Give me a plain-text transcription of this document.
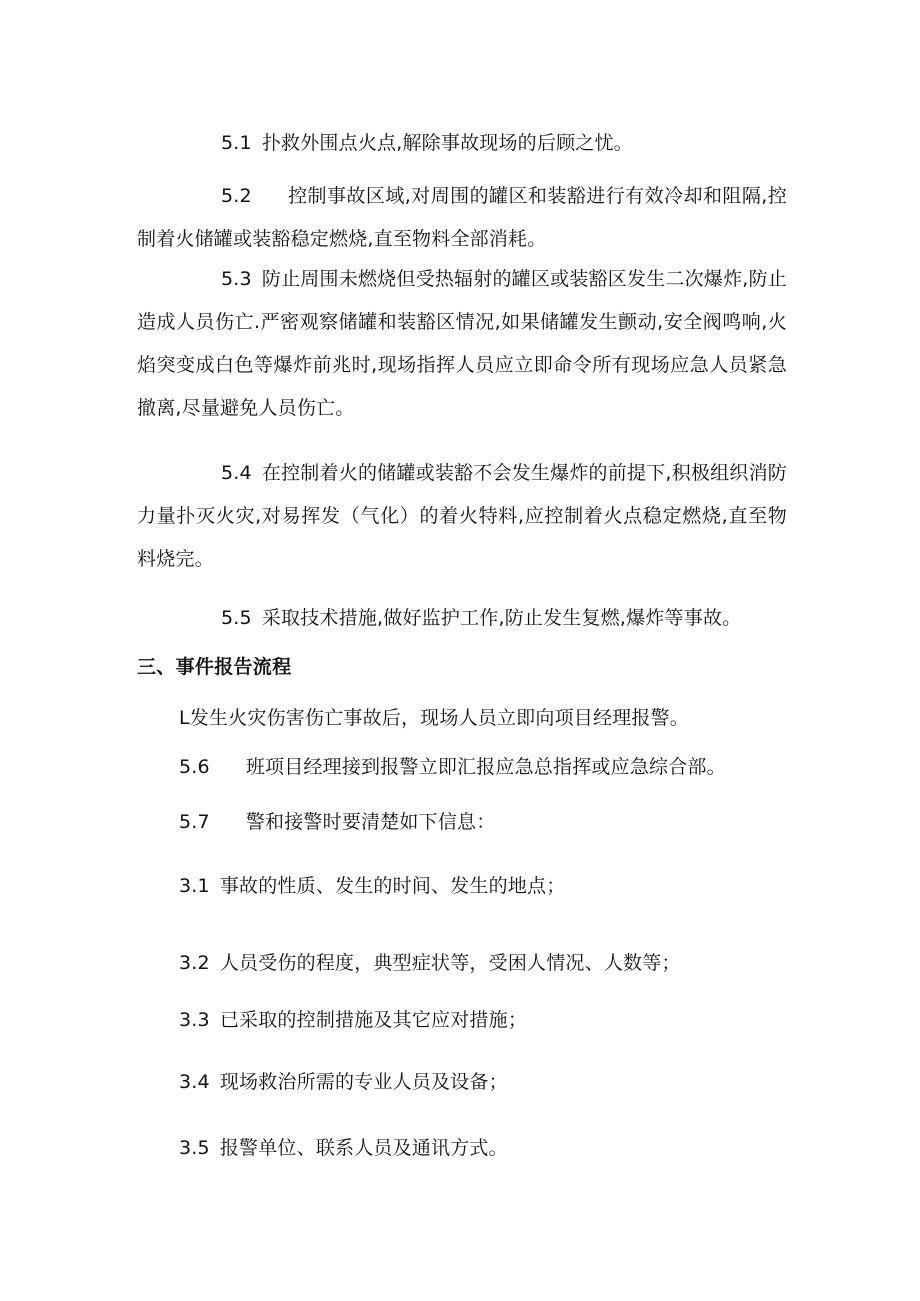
5.1 扑救外围点火点,解除事故现场的后顾之忧。

5.2 控制事故区域,对周围的罐区和装豁进行有效冷却和阻隔,控制着火储罐或装豁稳定燃烧,直至物料全部消耗。

5.3 防止周围未燃烧但受热辐射的罐区或装豁区发生二次爆炸,防止造成人员伤亡.严密观察储罐和装豁区情况,如果储罐发生颤动,安全阀鸣响,火焰突变成白色等爆炸前兆时,现场指挥人员应立即命令所有现场应急人员紧急撤离,尽量避免人员伤亡。

5.4 在控制着火的储罐或装豁不会发生爆炸的前提下,积极组织消防力量扑灭火灾,对易挥发（气化）的着火特料,应控制着火点稳定燃烧,直至物料烧完。

5.5 采取技术措施,做好监护工作,防止发生复燃,爆炸等事故。

三、事件报告流程

L发生火灾伤害伤亡事故后，现场人员立即向项目经理报警。

5.6 班项目经理接到报警立即汇报应急总指挥或应急综合部。

5.7 警和接警时要清楚如下信息：

3.1 事故的性质、发生的时间、发生的地点；

3.2 人员受伤的程度，典型症状等，受困人情况、人数等；

3.3 已采取的控制措施及其它应对措施；

3.4 现场救治所需的专业人员及设备；

3.5 报警单位、联系人员及通讯方式。
